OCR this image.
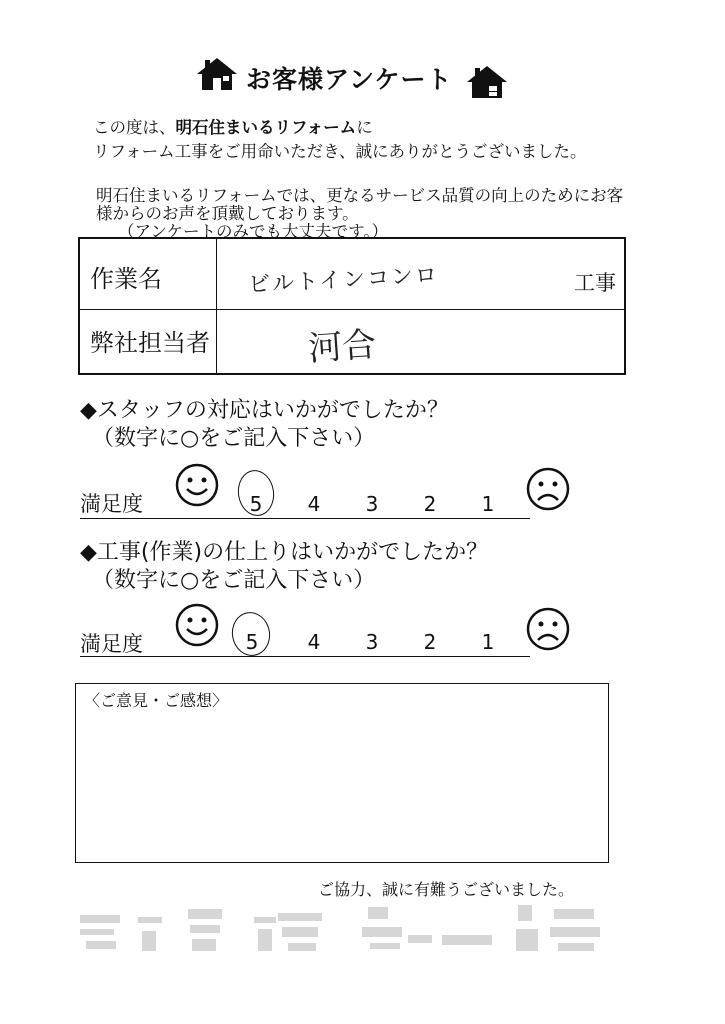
お客様アンケート
この度は、明石住まいるリフォームに
リフォーム工事をご用命いただき、誠にありがとうございました。
明石住まいるリフォームでは、更なるサービス品質の向上のためにお客
様からのお声を頂戴しております。
（アンケートのみでも大丈夫です。）
作業名	ビルトインコンロ	工事
弊社担当者	河合
◆スタッフの対応はいかがでしたか？
（数字に○をご記入下さい）
満足度	5 4 3 2 1
◆工事(作業)の仕上りはいかがでしたか？
（数字に○をご記入下さい）
満足度	5 4 3 2 1
〈ご意見・ご感想〉
ご協力、誠に有難うございました。
